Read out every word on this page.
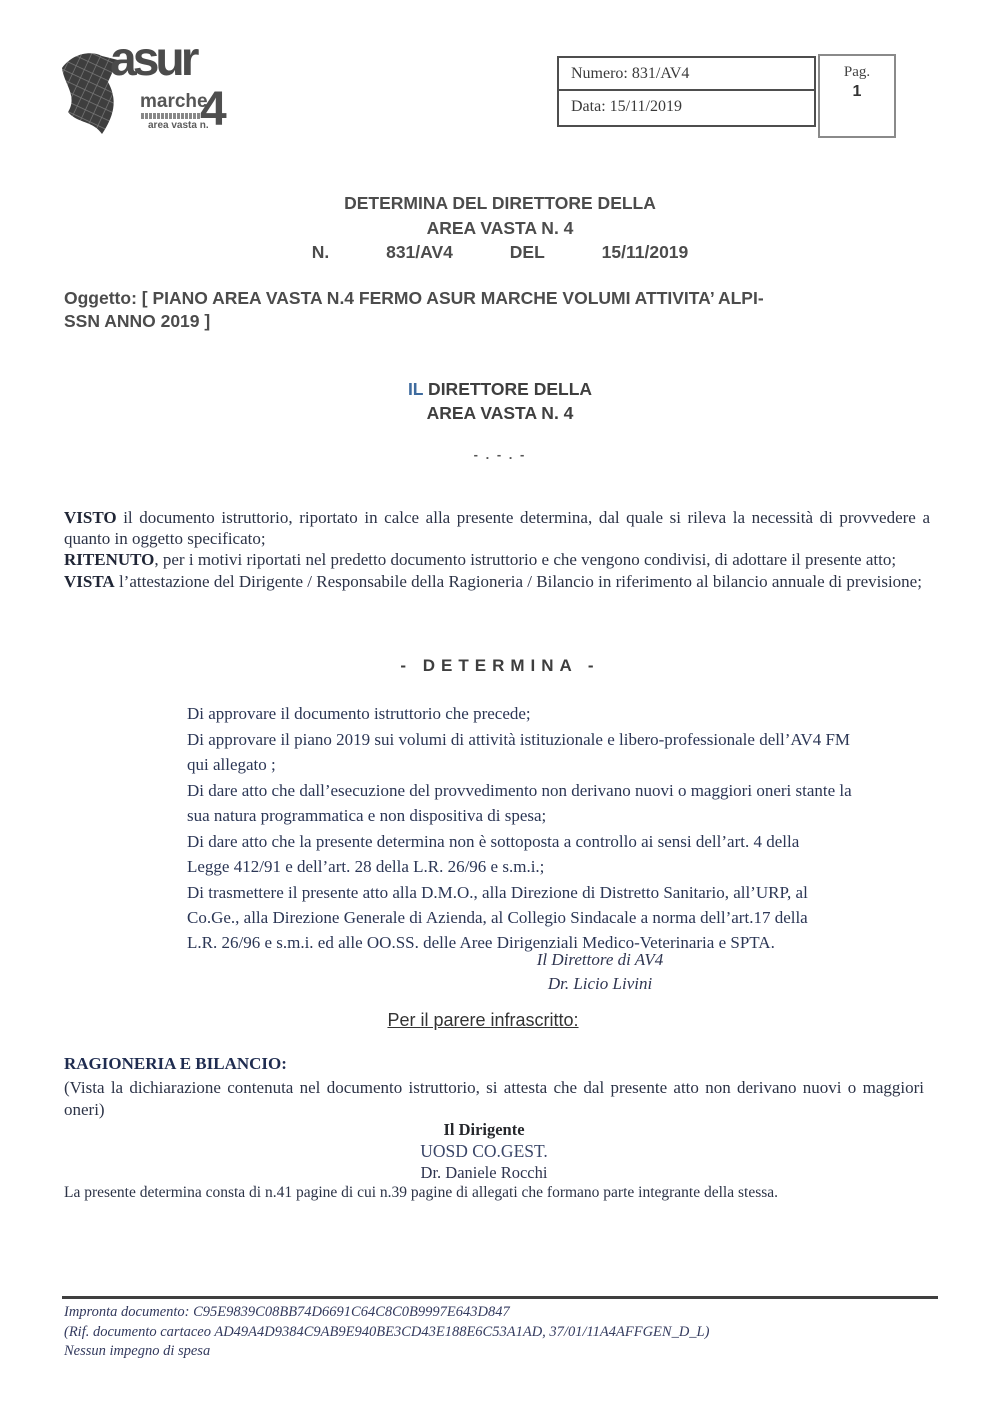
asur
marche
area vasta n.
4
Numero: 831/AV4
Data: 15/11/2019
Pag.
1
DETERMINA DEL DIRETTORE DELLA
AREA VASTA N. 4
N.	831/AV4	DEL	15/11/2019
Oggetto: [ PIANO AREA VASTA N.4 FERMO ASUR MARCHE VOLUMI ATTIVITA’ ALPI-
SSN ANNO 2019 ]
IL DIRETTORE DELLA
AREA VASTA N. 4
- . - . -

VISTO il documento istruttorio, riportato in calce alla presente determina, dal quale si rileva la necessità di provvedere a quanto in oggetto specificato;

RITENUTO, per i motivi riportati nel predetto documento istruttorio e che vengono condivisi, di adottare il presente atto;

VISTA l’attestazione del Dirigente / Responsabile della Ragioneria / Bilancio in riferimento al bilancio annuale di previsione;

- DETERMINA -
Di approvare il documento istruttorio che precede;
Di approvare il piano 2019 sui volumi di attività istituzionale e libero-professionale dell’AV4 FM
qui allegato ;
Di dare atto che dall’esecuzione del provvedimento non derivano nuovi o maggiori oneri stante la
sua natura programmatica e non dispositiva di spesa;
Di dare atto che la presente determina non è sottoposta a controllo ai sensi dell’art. 4 della
Legge 412/91 e dell’art. 28 della L.R. 26/96 e s.m.i.;
Di trasmettere il presente atto alla D.M.O., alla Direzione di Distretto Sanitario, all’URP, al
Co.Ge., alla Direzione Generale di Azienda, al Collegio Sindacale a norma dell’art.17 della
L.R. 26/96 e s.m.i. ed alle OO.SS. delle Aree Dirigenziali Medico-Veterinaria e SPTA.
Il Direttore di AV4
Dr. Licio Livini
Per il parere infrascritto:
RAGIONERIA E BILANCIO:
(Vista la dichiarazione contenuta nel documento istruttorio, si attesta che dal presente atto non derivano nuovi o maggiori oneri)
Il Dirigente
UOSD CO.GEST.
Dr. Daniele Rocchi
La presente determina consta di n.41 pagine di cui n.39 pagine di allegati che formano parte integrante della stessa.
Impronta documento: C95E9839C08BB74D6691C64C8C0B9997E643D847
(Rif. documento cartaceo AD49A4D9384C9AB9E940BE3CD43E188E6C53A1AD, 37/01/11A4AFFGEN_D_L)
Nessun impegno di spesa
